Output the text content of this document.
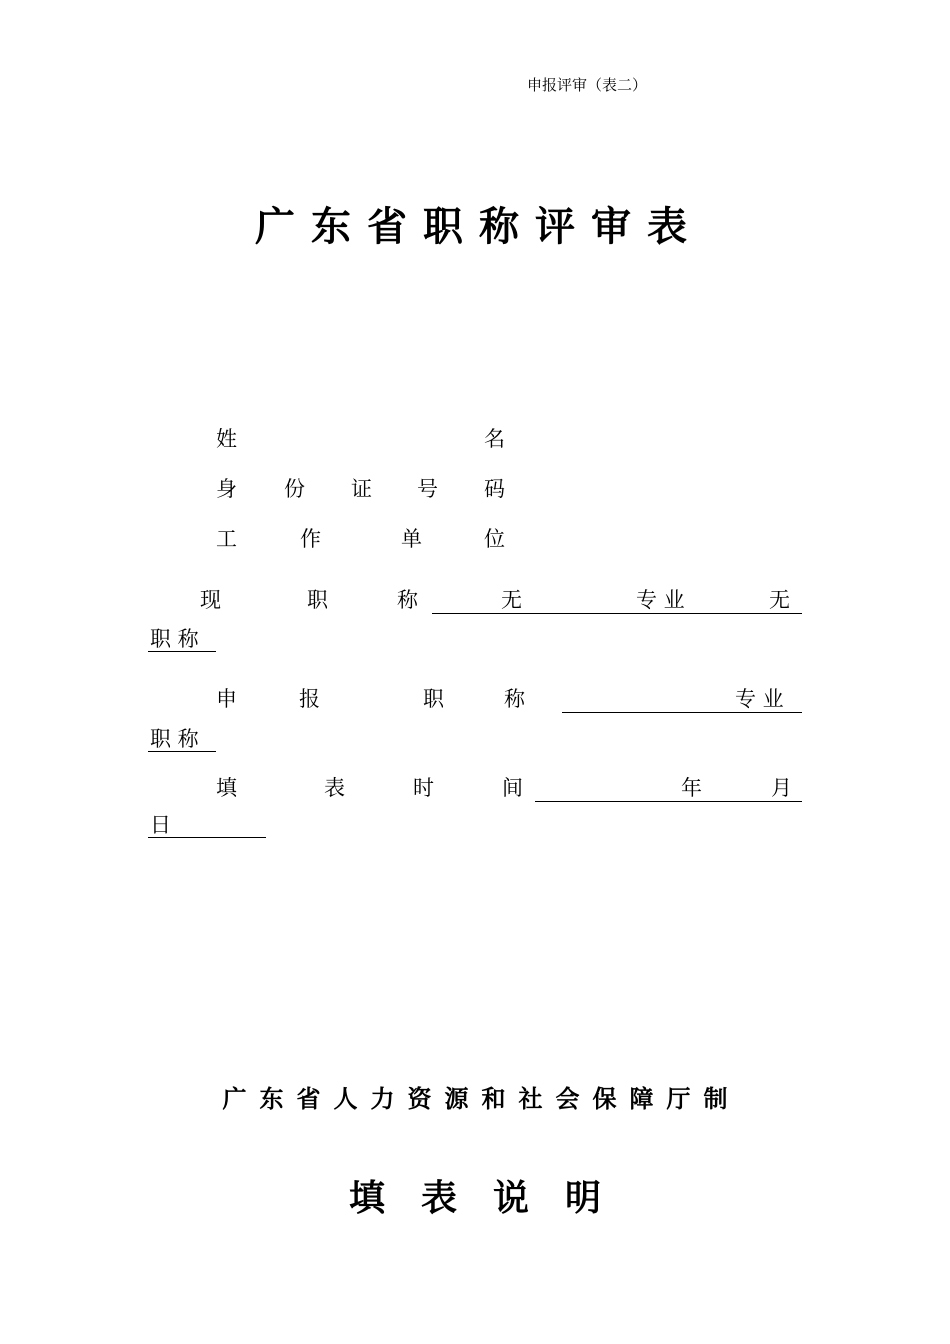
申报评审（表二）
广东省职称评审表
姓	名
身 份 证 号 码
工	作	单	位
现	职	称	无	专 业	无
职 称
申	报	职	称	专 业
职 称
填	表	时	间	年	月
日
广东省人力资源和社会保障厅制
填表说明
